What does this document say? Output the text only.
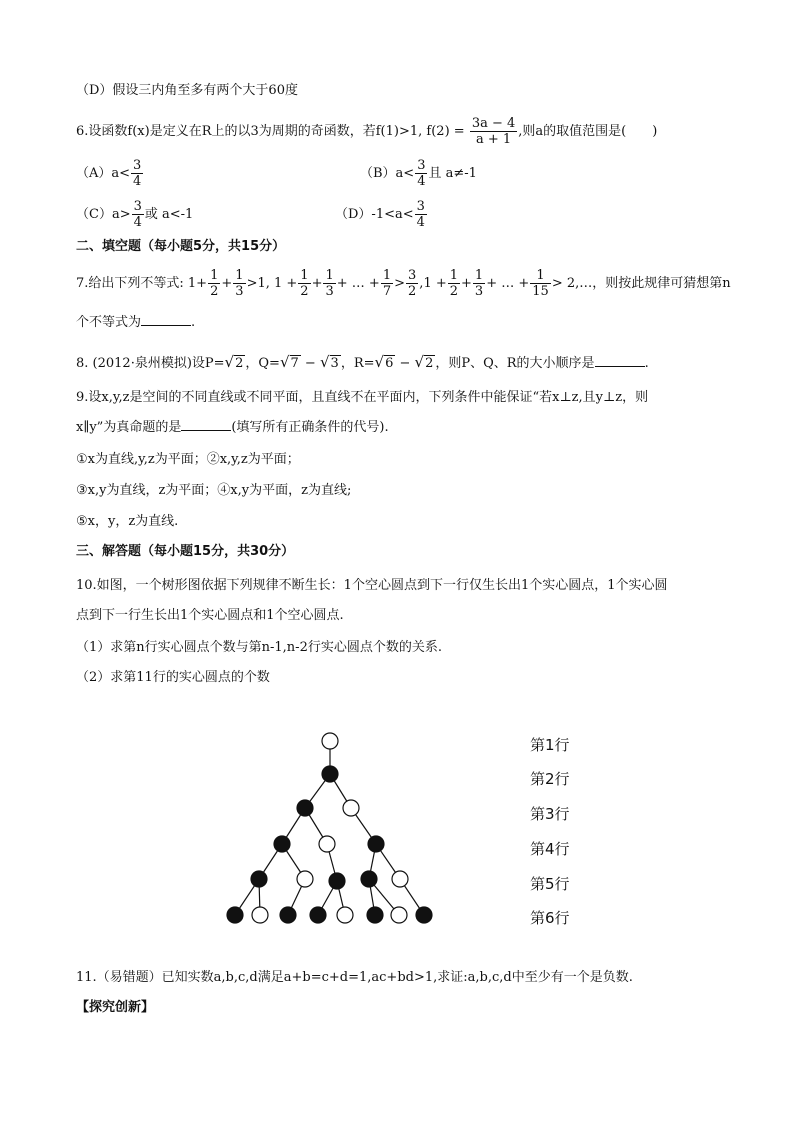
（D）假设三内角至多有两个大于60度
6.设函数f(x)是定义在R上的以3为周期的奇函数，若f(1)>1, $f(2) = \frac{3a - 4}{a + 1}$ ,则a的取值范围是(　　)
$(A)a< \frac{3}{4}$	$(B)a< \frac{3}{4}$ 且 a≠-1
$(C)a> \frac{3}{4}$ 或 a<-1	$(D)-1<a< \frac{3}{4}$
二、填空题（每小题5分，共15分）
7.给出下列不等式: $1+ \frac{1}{2} + \frac{1}{3} >1$, $1 + \frac{1}{2} + \frac{1}{3}$ + … + $\frac{1}{7} > \frac{3}{2} ,1 + \frac{1}{2} + \frac{1}{3}$ + … + $\frac{1}{15}$ > 2,…，则按此规律可猜想第n
个不等式为	.
8. (2012·泉州模拟)设P=√2 ，Q=√7 − √3 ，R=√6 − √2 ，则P、Q、R的大小顺序是	.
9.设x,y,z是空间的不同直线或不同平面，且直线不在平面内，下列条件中能保证“若x⊥z,且y⊥z，则
x∥y”为真命题的是	(填写所有正确条件的代号).
①x为直线,y,z为平面；②x,y,z为平面；
③x,y为直线，z为平面；④x,y为平面，z为直线;
⑤x，y，z为直线.
三、解答题（每小题15分，共30分）
10.如图，一个树形图依据下列规律不断生长：1个空心圆点到下一行仅生长出1个实心圆点，1个实心圆
点到下一行生长出1个实心圆点和1个空心圆点.
（1）求第n行实心圆点个数与第n-1,n-2行实心圆点个数的关系.
（2）求第11行的实心圆点的个数
第1行
第2行
第3行
第4行
第5行
第6行
11.（易错题）已知实数a,b,c,d满足a+b=c+d=1,ac+bd>1,求证:a,b,c,d中至少有一个是负数.
【探究创新】
